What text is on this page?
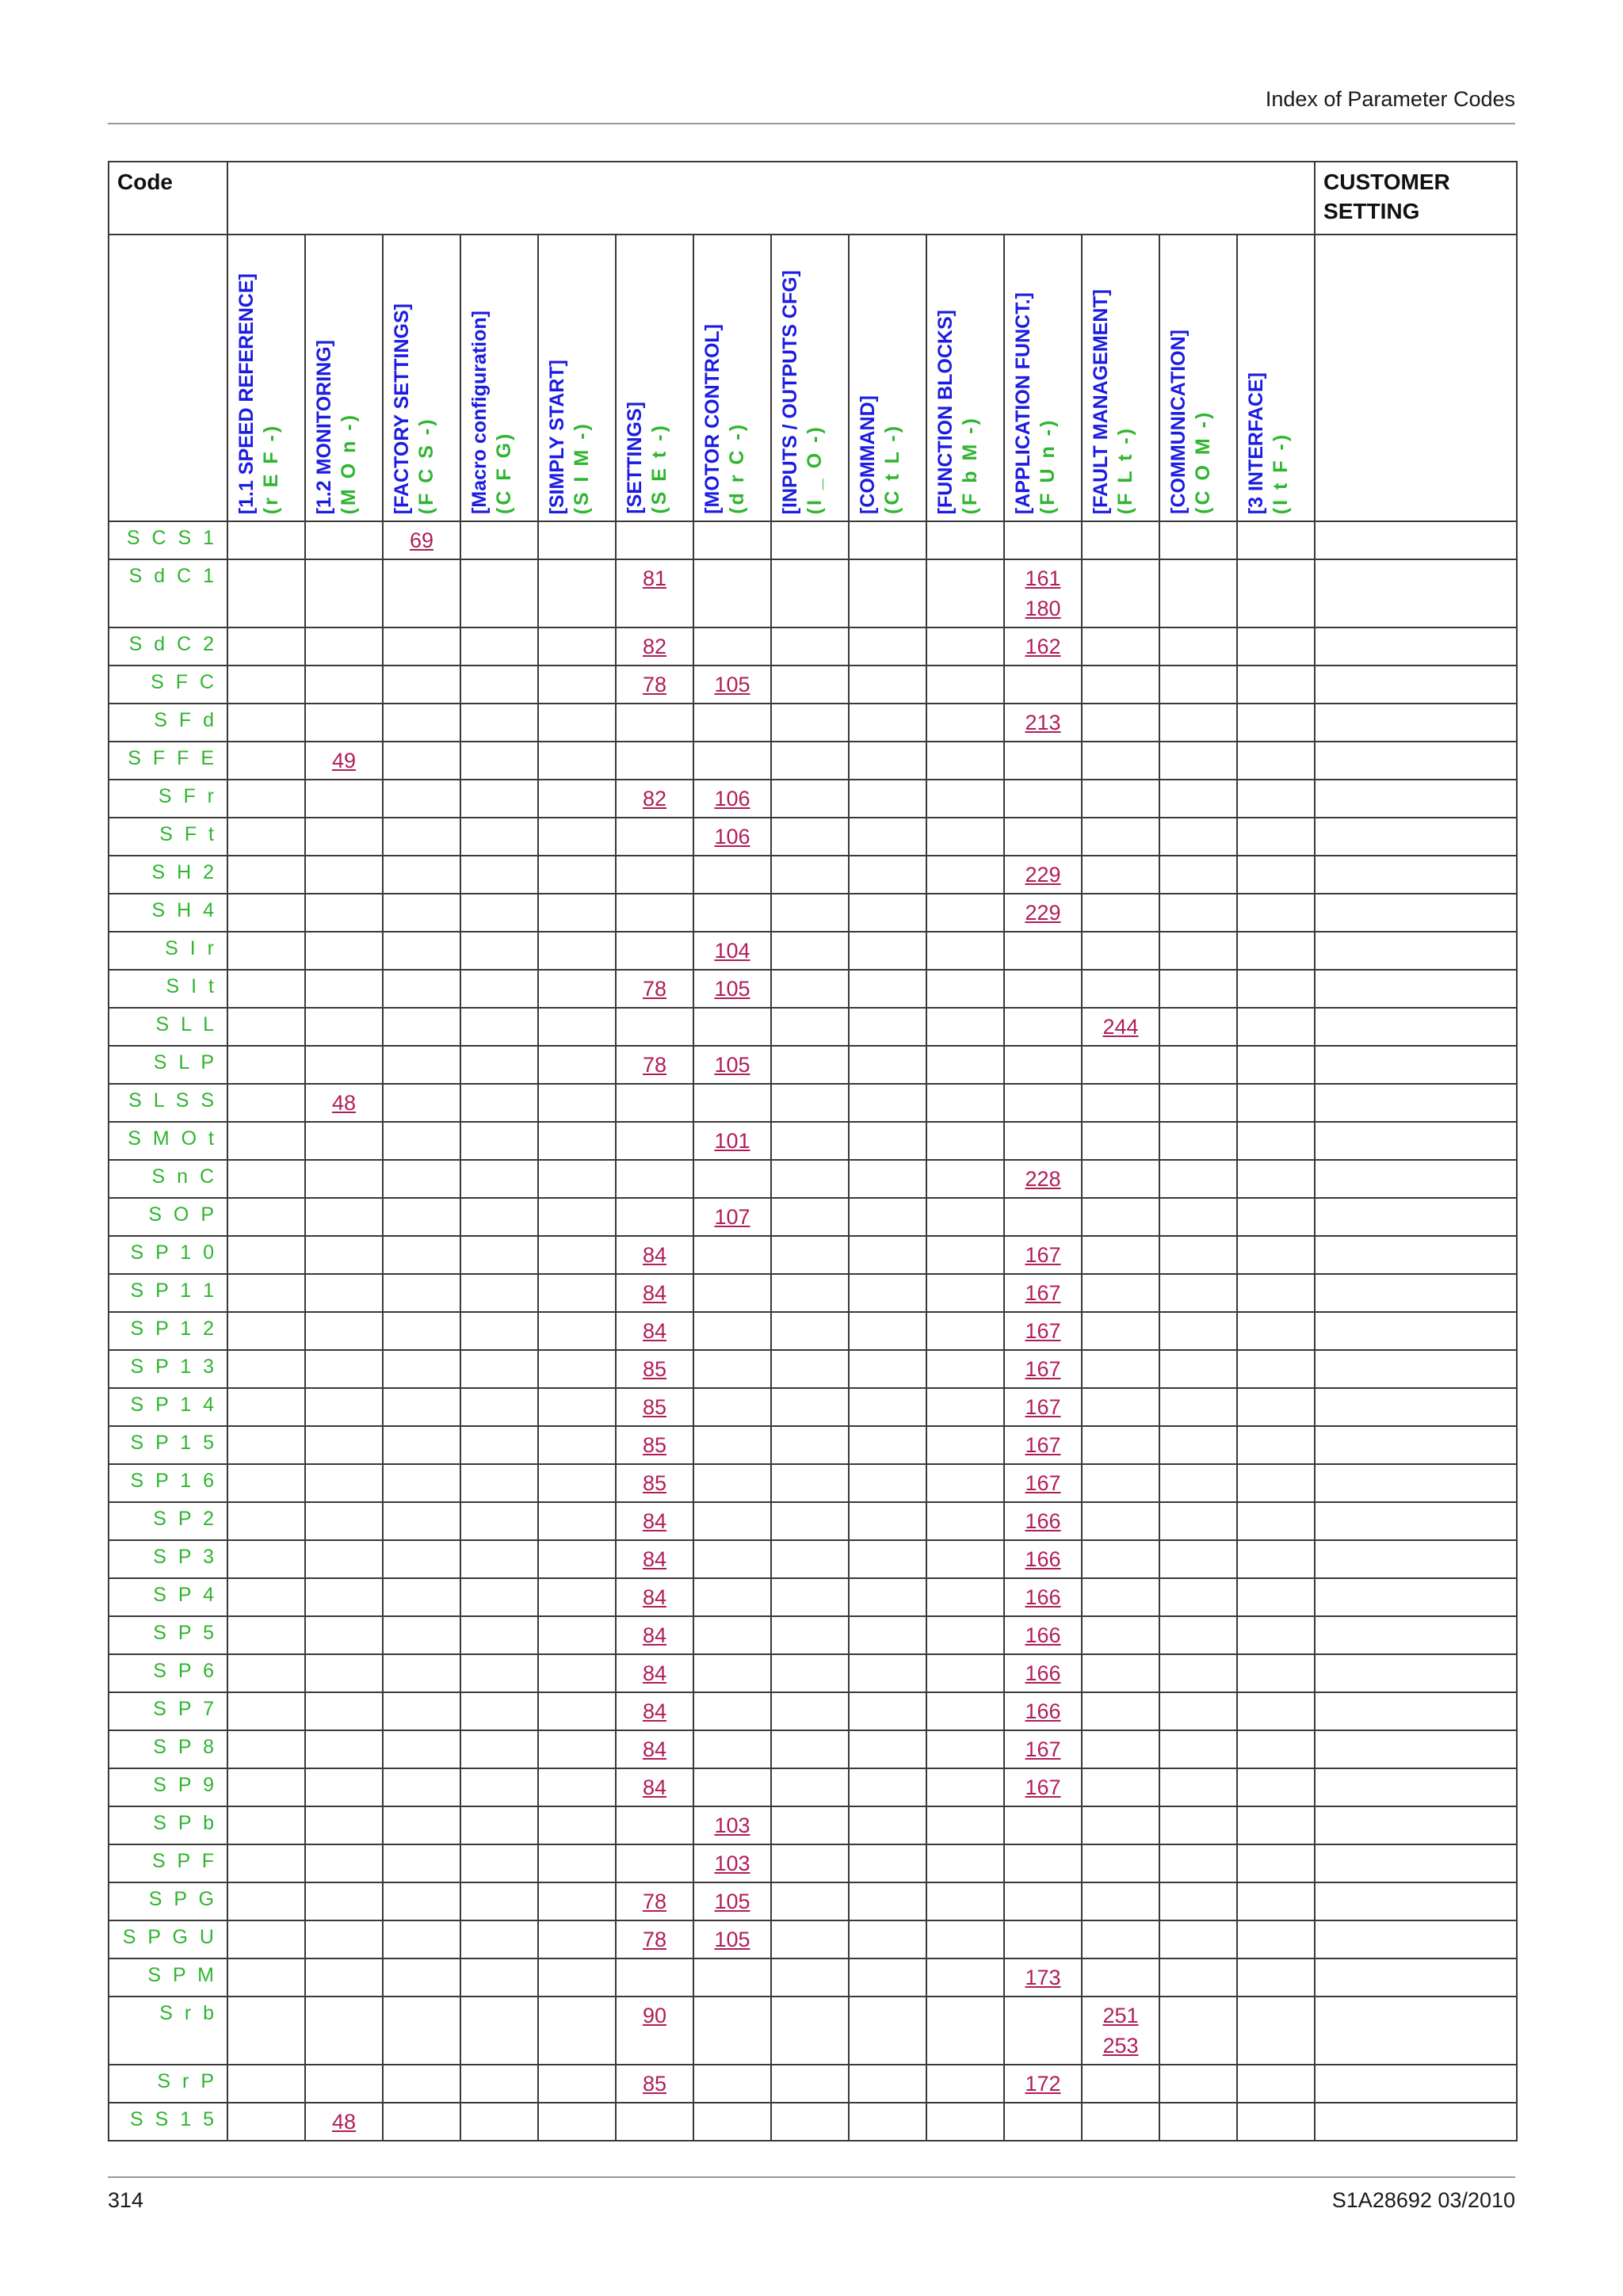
Index of Parameter Codes
Code															CUSTOMER SETTING

	[1.1 SPEED REFERENCE] (r E F -)	[1.2 MONITORING] (M O n -)	[FACTORY SETTINGS] (F C S -)	[Macro configuration] (C F G)	[SIMPLY START] (S I M -)	[SETTINGS] (S E t -)	[MOTOR CONTROL] (d r C -)	[INPUTS / OUTPUTS CFG] (I _ O -)	[COMMAND] (C t L -)	[FUNCTION BLOCKS] (F b M -)	[APPLICATION FUNCT.] (F U n -)	[FAULT MANAGEMENT] (F L t -)	[COMMUNICATION] (C O M -)	[3 INTERFACE] (I t F -)	

S C S 1			69												

S d C 1						81					161
180				

S d C 2						82					162				

S F C						78	105								

S F d											213				

S F F E		49													

S F r						82	106								

S F t							106								

S H 2											229				

S H 4											229				

S I r							104								

S I t						78	105								

S L L												244			

S L P						78	105								

S L S S		48													

S M O t							101								

S n C											228				

S O P							107								

S P 1 0						84					167				

S P 1 1						84					167				

S P 1 2						84					167				

S P 1 3						85					167				

S P 1 4						85					167				

S P 1 5						85					167				

S P 1 6						85					167				

S P 2						84					166				

S P 3						84					166				

S P 4						84					166				

S P 5						84					166				

S P 6						84					166				

S P 7						84					166				

S P 8						84					167				

S P 9						84					167				

S P b							103								

S P F							103								

S P G						78	105								

S P G U						78	105								

S P M											173				

S r b						90						251
253			

S r P						85					172				

S S 1 5		48													

314	S1A28692 03/2010
